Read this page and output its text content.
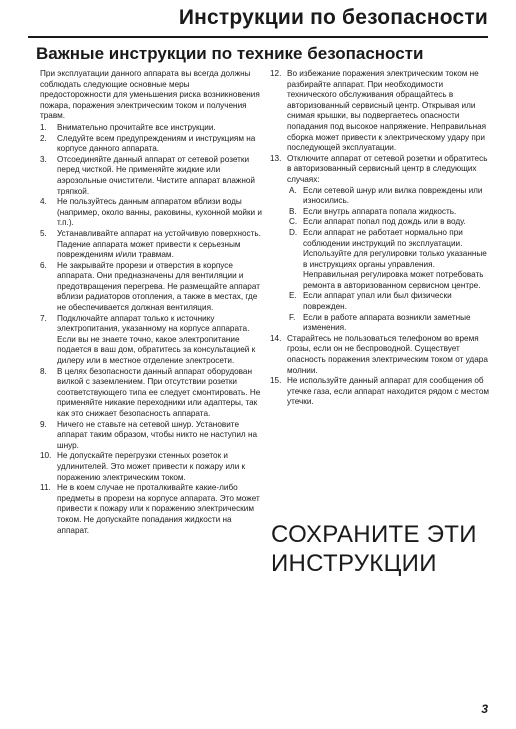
Инструкции по безопасности
Важные инструкции по технике безопасности

При эксплуатации данного аппарата вы всегда должны соблюдать следующие основные меры предосторожности для уменьшения риска возникновения пожара, поражения электрическим током и получения травм.

1.	Внимательно прочитайте все инструкции.
2.	Следуйте всем предупреждениям и инструкциям на корпусе данного аппарата.
3.	Отсоединяйте данный аппарат от сетевой розетки перед чисткой. Не применяйте жидкие или аэрозольные очистители. Чистите аппарат влажной тряпкой.
4.	Не пользуйтесь данным аппаратом вблизи воды (например, около ванны, раковины, кухонной мойки и т.п.).
5.	Устанавливайте аппарат на устойчивую поверхность. Падение аппарата может привести к серьезным повреждениям и/или травмам.
6.	Не закрывайте прорези и отверстия в корпусе аппарата. Они предназначены для вентиляции и предотвращения перегрева. Не размещайте аппарат вблизи радиаторов отопления, а также в местах, где не обеспечивается должная вентиляция.
7.	Подключайте аппарат только к источнику электропитания, указанному на корпусе аппарата. Если вы не знаете точно, какое электропитание подается в ваш дом, обратитесь за консультацией к дилеру или в местное отделение электросети.
8.	В целях безопасности данный аппарат оборудован вилкой с заземлением. При отсутствии розетки соответствующего типа ее следует смонтировать. Не применяйте никакие переходники или адаптеры, так как это снижает безопасность аппарата.
9.	Ничего не ставьте на сетевой шнур. Установите аппарат таким образом, чтобы никто не наступил на шнур.
10. Не допускайте перегрузки стенных розеток и удлинителей. Это может привести к пожару или к поражению электрическим током.
11. Не в коем случае не проталкивайте какие-либо предметы в прорези на корпусе аппарата. Это может привести к пожару или к поражению электрическим током. Не допускайте попадания жидкости на аппарат.
12. Во избежание поражения электрическим током не разбирайте аппарат. При необходимости технического обслуживания обращайтесь в авторизованный сервисный центр. Открывая или снимая крышки, вы подвергаетесь опасности попадания под высокое напряжение. Неправильная сборка может привести к электрическому удару при последующей эксплуатации.
13. Отключите аппарат от сетевой розетки и обратитесь в авторизованный сервисный центр в следующих случаях:
A. Если сетевой шнур или вилка повреждены или износились.
B. Если внутрь аппарата попала жидкость.
C. Если аппарат попал под дождь или в воду.
D. Если аппарат не работает нормально при соблюдении инструкций по эксплуатации. Используйте для регулировки только указанные в инструкциях органы управления. Неправильная регулировка может потребовать ремонта в авторизованном сервисном центре.
E. Если аппарат упал или был физически поврежден.
F. Если в работе аппарата возникли заметные изменения.
14. Старайтесь не пользоваться телефоном во время грозы, если он не беспроводной. Существует опасность поражения электрическим током от удара молнии.
15. Не используйте данный аппарат для сообщения об утечке газа, если аппарат находится рядом с местом утечки.
СОХРАНИТЕ ЭТИ
ИНСТРУКЦИИ
3
